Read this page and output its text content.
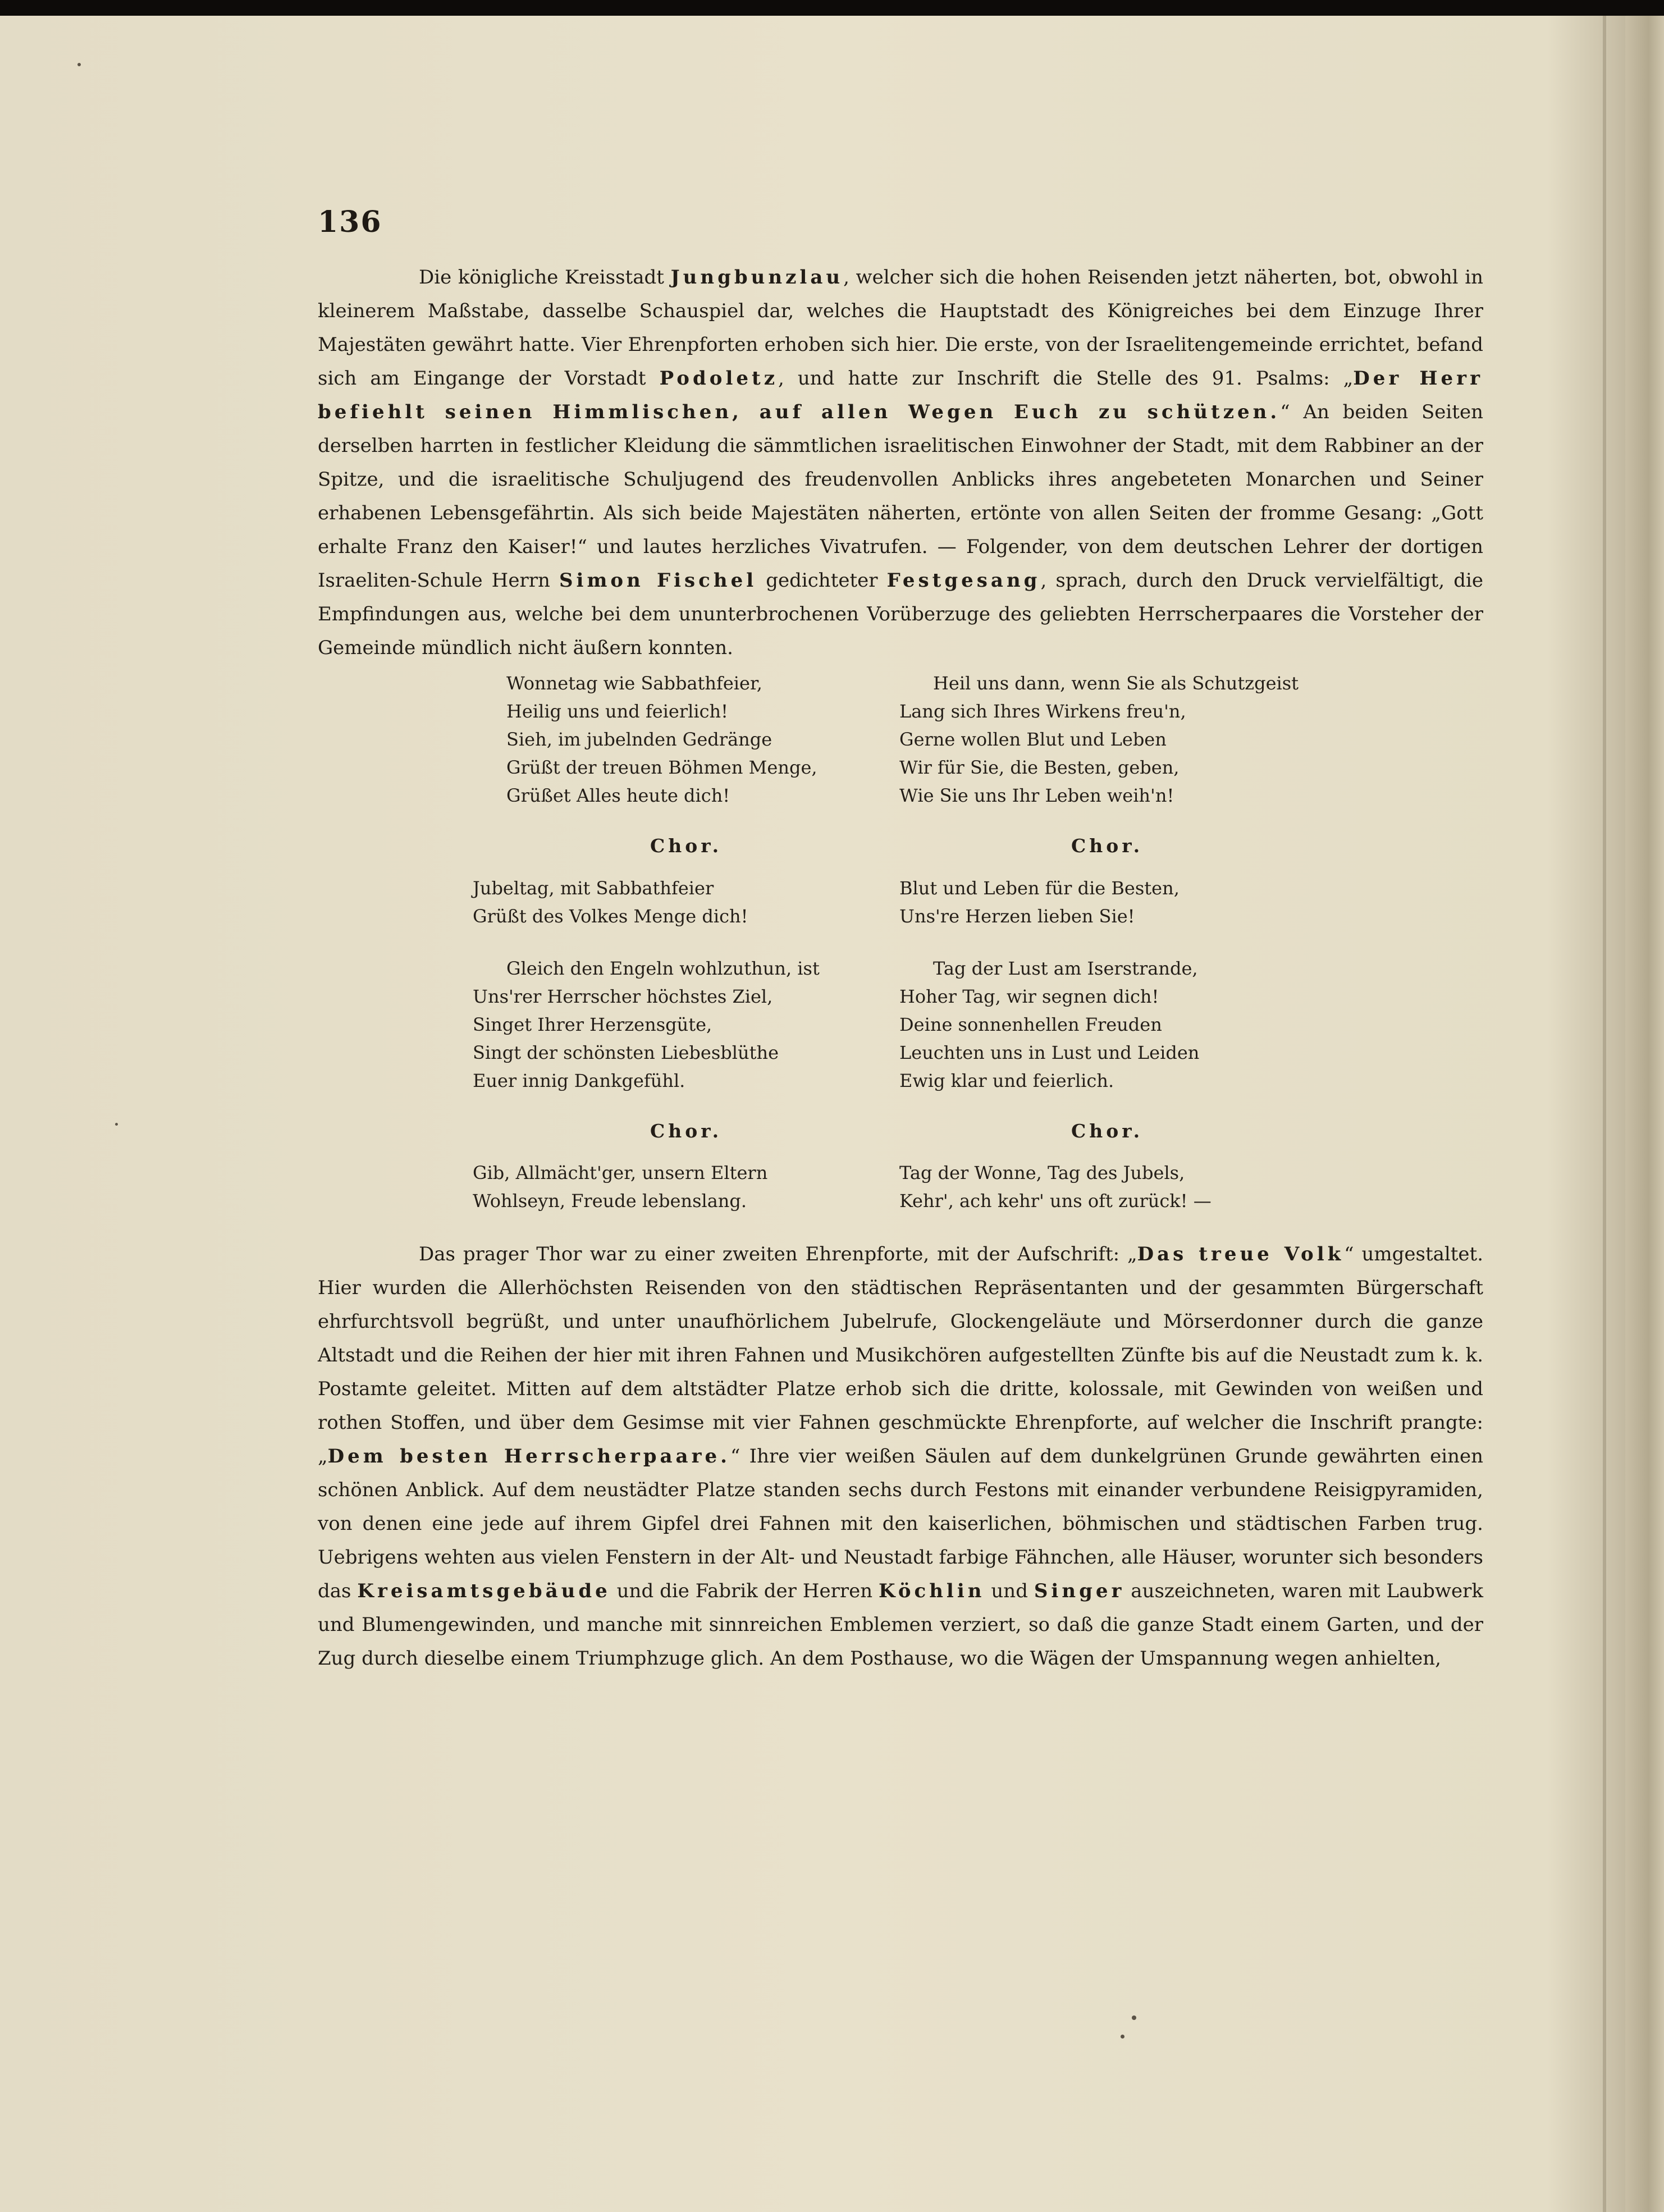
136

Die königliche Kreisstadt Jungbunzlau, welcher sich die hohen Reisenden jetzt näherten, bot, obwohl in kleinerem Maßstabe, dasselbe Schauspiel dar, welches die Hauptstadt des Königreiches bei dem Einzuge Ihrer Majestäten gewährt hatte. Vier Ehrenpforten erhoben sich hier. Die erste, von der Israelitengemeinde errichtet, befand sich am Eingange der Vorstadt Podoletz, und hatte zur Inschrift die Stelle des 91. Psalms: „Der Herr befiehlt seinen Himmlischen, auf allen Wegen Euch zu schützen.“ An beiden Seiten derselben harrten in festlicher Kleidung die sämmtlichen israelitischen Einwohner der Stadt, mit dem Rabbiner an der Spitze, und die israelitische Schuljugend des freudenvollen Anblicks ihres angebeteten Monarchen und Seiner erhabenen Lebensgefährtin. Als sich beide Majestäten näherten, ertönte von allen Seiten der fromme Gesang: „Gott erhalte Franz den Kaiser!“ und lautes herzliches Vivatrufen. — Folgender, von dem deutschen Lehrer der dortigen Israeliten-Schule Herrn Simon Fischel gedichteter Festgesang, sprach, durch den Druck vervielfältigt, die Empfindungen aus, welche bei dem ununterbrochenen Vorüberzuge des geliebten Herrscherpaares die Vorsteher der Gemeinde mündlich nicht äußern konnten.

Wonnetag wie Sabbathfeier,
Heilig uns und feierlich!
Sieh, im jubelnden Gedränge
Grüßt der treuen Böhmen Menge,
Grüßet Alles heute dich!
Chor.
Jubeltag, mit Sabbathfeier
Grüßt des Volkes Menge dich!
Gleich den Engeln wohlzuthun, ist
Uns'rer Herrscher höchstes Ziel,
Singet Ihrer Herzensgüte,
Singt der schönsten Liebesblüthe
Euer innig Dankgefühl.
Chor.
Gib, Allmächt'ger, unsern Eltern
Wohlseyn, Freude lebenslang.
Heil uns dann, wenn Sie als Schutzgeist
Lang sich Ihres Wirkens freu'n,
Gerne wollen Blut und Leben
Wir für Sie, die Besten, geben,
Wie Sie uns Ihr Leben weih'n!
Chor.
Blut und Leben für die Besten,
Uns're Herzen lieben Sie!
Tag der Lust am Iserstrande,
Hoher Tag, wir segnen dich!
Deine sonnenhellen Freuden
Leuchten uns in Lust und Leiden
Ewig klar und feierlich.
Chor.
Tag der Wonne, Tag des Jubels,
Kehr', ach kehr' uns oft zurück! —

Das prager Thor war zu einer zweiten Ehrenpforte, mit der Aufschrift: „Das treue Volk“ umgestaltet. Hier wurden die Allerhöchsten Reisenden von den städtischen Repräsentanten und der gesammten Bürgerschaft ehrfurchtsvoll begrüßt, und unter unaufhörlichem Jubelrufe, Glockengeläute und Mörserdonner durch die ganze Altstadt und die Reihen der hier mit ihren Fahnen und Musikchören aufgestellten Zünfte bis auf die Neustadt zum k. k. Postamte geleitet. Mitten auf dem altstädter Platze erhob sich die dritte, kolossale, mit Gewinden von weißen und rothen Stoffen, und über dem Gesimse mit vier Fahnen geschmückte Ehrenpforte, auf welcher die Inschrift prangte: „Dem besten Herrscherpaare.“ Ihre vier weißen Säulen auf dem dunkelgrünen Grunde gewährten einen schönen Anblick. Auf dem neustädter Platze standen sechs durch Festons mit einander verbundene Reisigpyramiden, von denen eine jede auf ihrem Gipfel drei Fahnen mit den kaiserlichen, böhmischen und städtischen Farben trug. Uebrigens wehten aus vielen Fenstern in der Alt- und Neustadt farbige Fähnchen, alle Häuser, worunter sich besonders das Kreisamtsgebäude und die Fabrik der Herren Köchlin und Singer auszeichneten, waren mit Laubwerk und Blumengewinden, und manche mit sinnreichen Emblemen verziert, so daß die ganze Stadt einem Garten, und der Zug durch dieselbe einem Triumphzuge glich. An dem Posthause, wo die Wägen der Umspannung wegen anhielten,
